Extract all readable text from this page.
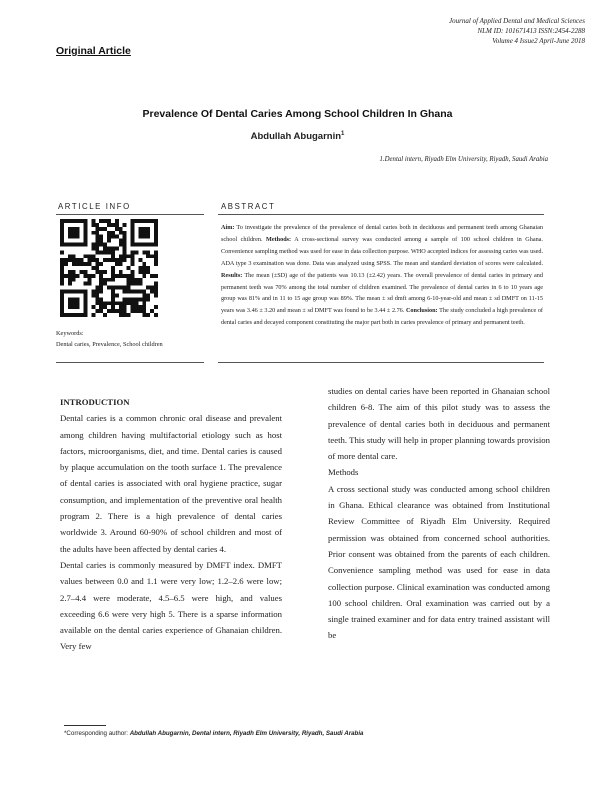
Journal of Applied Dental and Medical Sciences
NLM ID: 101671413 ISSN:2454-2288
Volume 4 Issue2 April-June 2018
Original Article
Prevalence Of Dental Caries Among School Children In Ghana
Abdullah Abugarnin$^1$
1.Dental intern, Riyadh Elm University, Riyadh, Saudi Arabia
ARTICLE INFO	ABSTRACT
Keywords:
Dental caries, Prevalence, School children
Aim: To investigate the prevalence of the prevalence of dental caries both in deciduous and permanent teeth among Ghanaian school children. Methods: A cross-sectional survey was conducted among a sample of 100 school children in Ghana. Convenience sampling method was used for ease in data collection purpose. WHO accepted indices for assessing caries was used. ADA type 3 examination was done. Data was analyzed using SPSS. The mean and standard deviation of scores were calculated. Results: The mean (±SD) age of the patients was 10.13 (±2.42) years. The overall prevalence of dental caries in primary and permanent teeth was 70% among the total number of children examined. The prevalence of dental caries in 6 to 10 years age group was 81% and in 11 to 15 age group was 89%. The mean ± sd dmft among 6-10-year-old and mean ± sd DMFT on 11-15 years was 3.46 ± 3.20 and mean ± sd DMFT was found to be 3.44 ± 2.76. Conclusion: The study concluded a high prevalence of dental caries and decayed component constituting the major part both in caries prevalence of primary and permanent teeth.

INTRODUCTION

Dental caries is a common chronic oral disease and prevalent among children having multifactorial etiology such as host factors, microorganisms, diet, and time. Dental caries is caused by plaque accumulation on the tooth surface 1. The prevalence of dental caries is associated with oral hygiene practice, sugar consumption, and implementation of the preventive oral health program 2. There is a high prevalence of dental caries worldwide 3. Around 60-90% of school children and most of the adults have been affected by dental caries 4.

Dental caries is commonly measured by DMFT index. DMFT values between 0.0 and 1.1 were very low; 1.2–2.6 were low; 2.7–4.4 were moderate, 4.5–6.5 were high, and values exceeding 6.6 were very high 5. There is a sparse information available on the dental caries experience of Ghanaian children. Very few

studies on dental caries have been reported in Ghanaian school children 6-8. The aim of this pilot study was to assess the prevalence of dental caries both in deciduous and permanent teeth. This study will help in proper planning towards provision of more dental care.

Methods

A cross sectional study was conducted among school children in Ghana. Ethical clearance was obtained from Institutional Review Committee of Riyadh Elm University. Required permission was obtained from concerned school authorities. Prior consent was obtained from the parents of each children. Convenience sampling method was used for ease in data collection purpose. Clinical examination was conducted among 100 school children. Oral examination was carried out by a single trained examiner and for data entry trained assistant will be

*Corresponding author: Abdullah Abugarnin, Dental intern, Riyadh Elm University, Riyadh, Saudi Arabia
